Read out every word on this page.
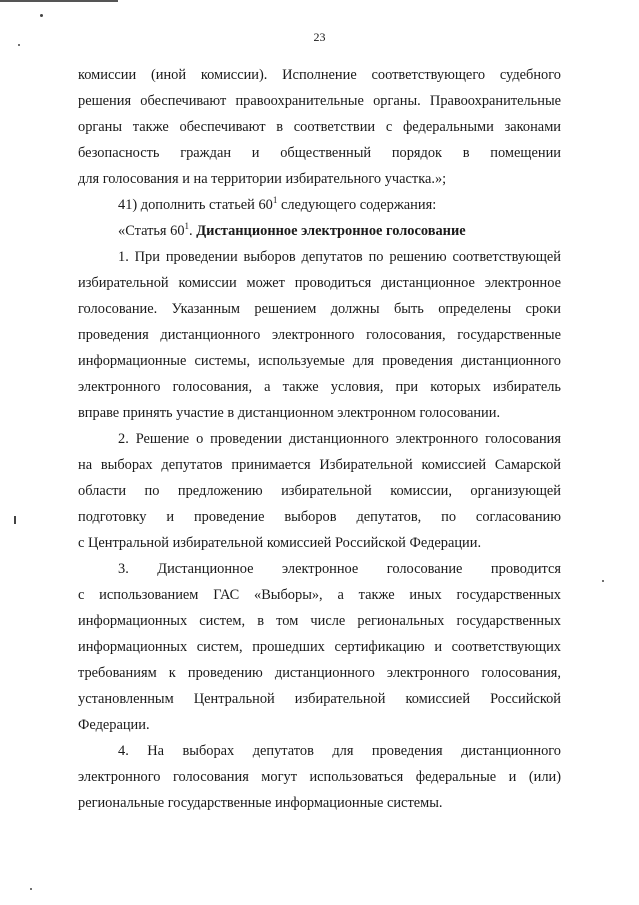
23
комиссии (иной комиссии). Исполнение соответствующего судебного
решения обеспечивают правоохранительные органы. Правоохранительные
органы также обеспечивают в соответствии с федеральными законами
безопасность граждан и общественный порядок в помещении
для голосования и на территории избирательного участка.»;
41) дополнить статьей $60^1$ следующего содержания:
«Статья $60^1$. Дистанционное электронное голосование
1. При проведении выборов депутатов по решению соответствующей
избирательной комиссии может проводиться дистанционное электронное
голосование. Указанным решением должны быть определены сроки
проведения дистанционного электронного голосования, государственные
информационные системы, используемые для проведения дистанционного
электронного голосования, а также условия, при которых избиратель
вправе принять участие в дистанционном электронном голосовании.
2. Решение о проведении дистанционного электронного голосования
на выборах депутатов принимается Избирательной комиссией Самарской
области по предложению избирательной комиссии, организующей
подготовку и проведение выборов депутатов, по согласованию
с Центральной избирательной комиссией Российской Федерации.
3. Дистанционное электронное голосование проводится
с использованием ГАС «Выборы», а также иных государственных
информационных систем, в том числе региональных государственных
информационных систем, прошедших сертификацию и соответствующих
требованиям к проведению дистанционного электронного голосования,
установленным Центральной избирательной комиссией Российской
Федерации.
4. На выборах депутатов для проведения дистанционного
электронного голосования могут использоваться федеральные и (или)
региональные государственные информационные системы.
